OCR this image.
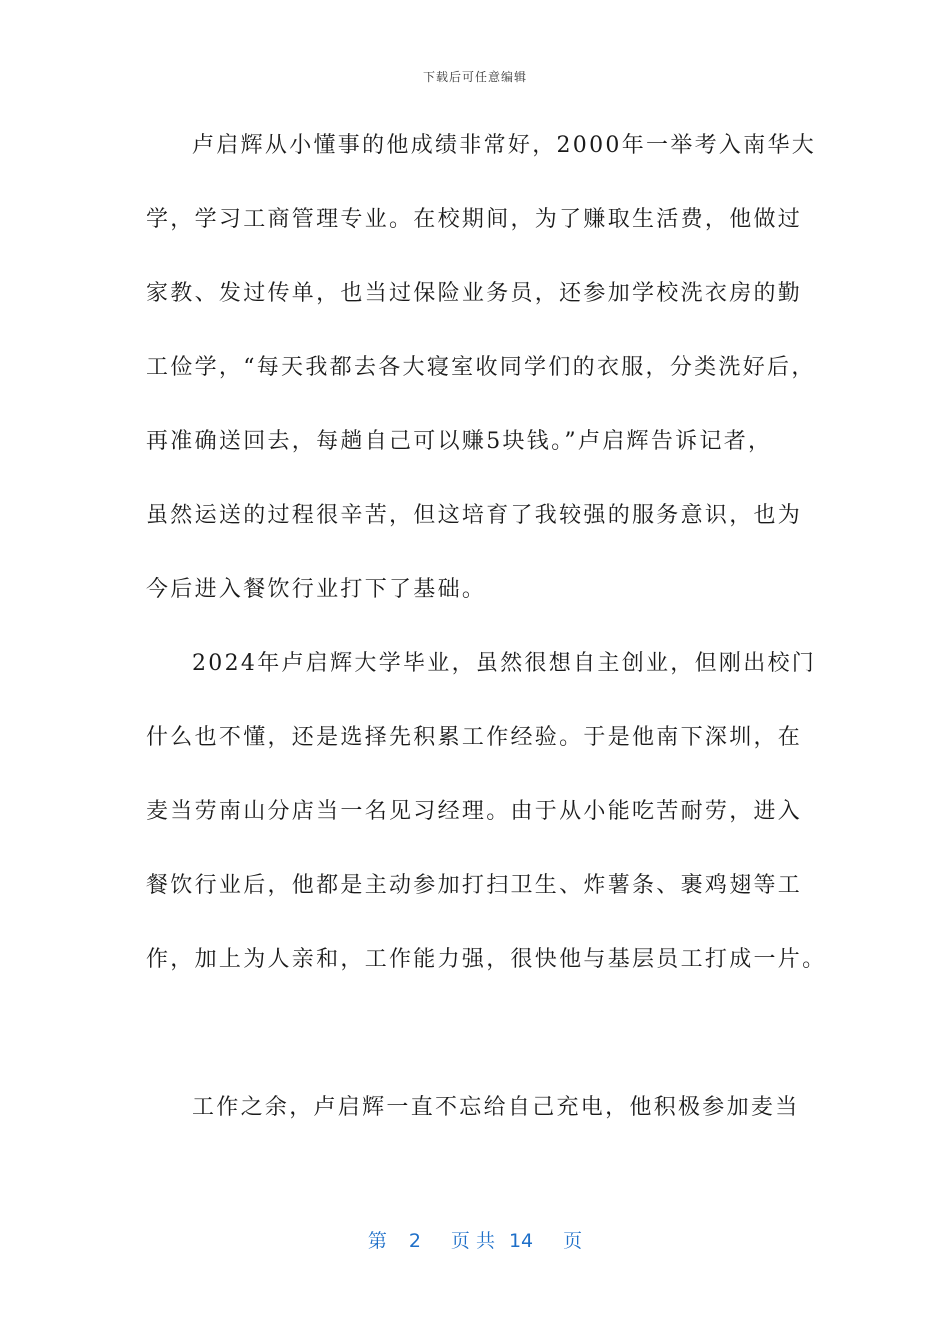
下载后可任意编辑
卢启辉从小懂事的他成绩非常好，2000年一举考入南华大
学，学习工商管理专业。在校期间，为了赚取生活费，他做过
家教、发过传单，也当过保险业务员，还参加学校洗衣房的勤
工俭学，“每天我都去各大寝室收同学们的衣服，分类洗好后，
再准确送回去，每趟自己可以赚5块钱。”卢启辉告诉记者，
虽然运送的过程很辛苦，但这培育了我较强的服务意识，也为
今后进入餐饮行业打下了基础。
2024年卢启辉大学毕业，虽然很想自主创业，但刚出校门
什么也不懂，还是选择先积累工作经验。于是他南下深圳，在
麦当劳南山分店当一名见习经理。由于从小能吃苦耐劳，进入
餐饮行业后，他都是主动参加打扫卫生、炸薯条、裹鸡翅等工
作，加上为人亲和，工作能力强，很快他与基层员工打成一片。
工作之余，卢启辉一直不忘给自己充电，他积极参加麦当
第 2 页 共 14 页
